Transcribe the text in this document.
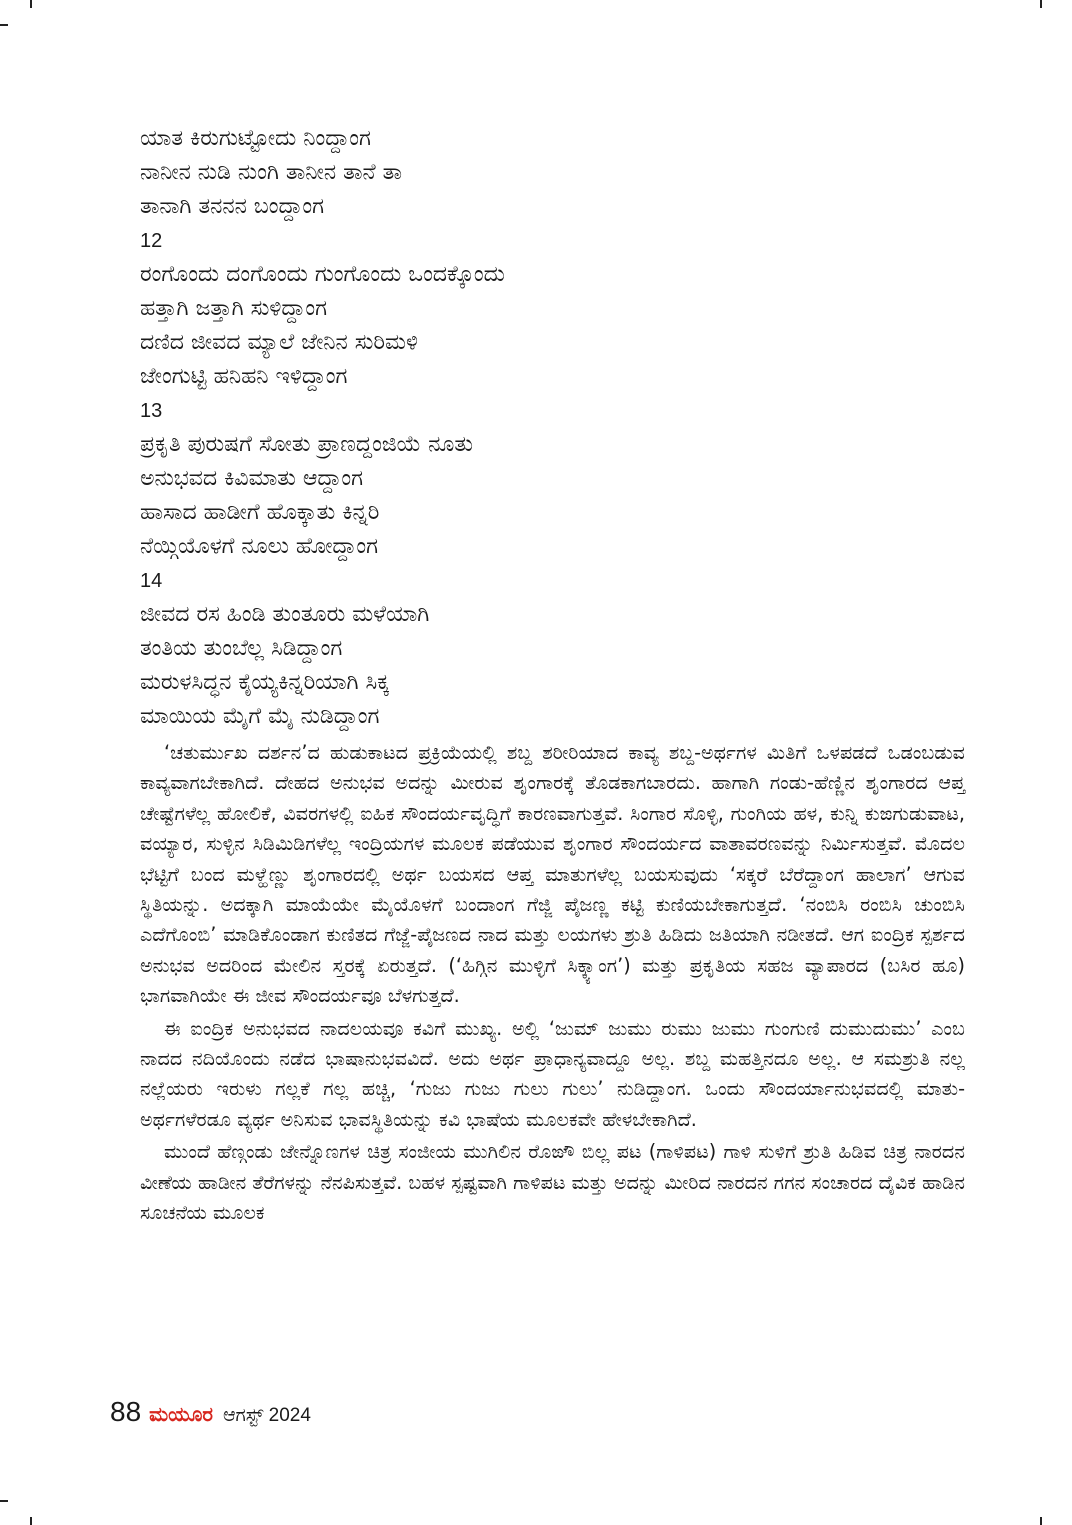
ಯಾತ ಕಿರುಗುಟ್ಟೋದು ನಿಂದ್ದಾಂಗ
ನಾನೀನ ನುಡಿ ನುಂಗಿ ತಾನೀನ ತಾನೆ ತಾ
ತಾನಾಗಿ ತನನನ ಬಂದ್ದಾಂಗ
12
ರಂಗೊಂದು ದಂಗೊಂದು ಗುಂಗೊಂದು ಒಂದಕ್ಕೊಂದು
ಹತ್ತಾಗಿ ಜತ್ತಾಗಿ ಸುಳಿದ್ದಾಂಗ
ದಣಿದ ಜೀವದ ಮ್ಯಾಲೆ ಜೇನಿನ ಸುರಿಮಳಿ
ಜೇಂಗುಟ್ಟಿ ಹನಿಹನಿ ಇಳಿದ್ದಾಂಗ
13
ಪ್ರಕೃತಿ ಪುರುಷಗೆ ಸೋತು ಪ್ರಾಣದ್ದಂಜಿಯೆ ನೂತು
ಅನುಭವದ ಕಿವಿಮಾತು ಆದ್ದಾಂಗ
ಹಾಸಾದ ಹಾಡೀಗೆ ಹೊಕ್ಕಾತು ಕಿನ್ನರಿ
ನೆಯ್ಗಿಯೊಳಗೆ ನೂಲು ಹೋದ್ದಾಂಗ
14
ಜೀವದ ರಸ ಹಿಂಡಿ ತುಂತೂರು ಮಳೆಯಾಗಿ
ತಂತಿಯ ತುಂಬೆಲ್ಲ ಸಿಡಿದ್ದಾಂಗ
ಮರುಳಸಿದ್ಧನ ಕೈಯ್ಯಕಿನ್ನರಿಯಾಗಿ ಸಿಕ್ಕ
ಮಾಯಿಯ ಮೈಗೆ ಮೈ ನುಡಿದ್ದಾಂಗ

‘ಚತುರ್ಮುಖ ದರ್ಶನ’ದ ಹುಡುಕಾಟದ ಪ್ರಕ್ರಿಯೆಯಲ್ಲಿ ಶಬ್ದ ಶರೀರಿಯಾದ ಕಾವ್ಯ ಶಬ್ದ-ಅರ್ಥಗಳ ಮಿತಿಗೆ ಒಳಪಡದೆ ಒಡಂಬಡುವ ಕಾವ್ಯವಾಗಬೇಕಾಗಿದೆ. ದೇಹದ ಅನುಭವ ಅದನ್ನು ಮೀರುವ ಶೃಂಗಾರಕ್ಕೆ ತೊಡಕಾಗಬಾರದು. ಹಾಗಾಗಿ ಗಂಡು-ಹೆಣ್ಣಿನ ಶೃಂಗಾರದ ಆಪ್ತ ಚೇಷ್ಟೆಗಳೆಲ್ಲ ಹೋಲಿಕೆ, ವಿವರಗಳಲ್ಲಿ ಐಹಿಕ ಸೌಂದರ್ಯವೃದ್ಧಿಗೆ ಕಾರಣವಾಗುತ್ತವೆ. ಸಿಂಗಾರ ಸೊಳ್ಳಿ, ಗುಂಗಿಯ ಹಳ, ಕುನ್ನಿ ಕುಙಗುಡುವಾಟ, ವಯ್ಯಾರ, ಸುಳ್ಳಿನ ಸಿಡಿಮಿಡಿಗಳೆಲ್ಲ ಇಂದ್ರಿಯಗಳ ಮೂಲಕ ಪಡೆಯುವ ಶೃಂಗಾರ ಸೌಂದರ್ಯದ ವಾತಾವರಣವನ್ನು ನಿರ್ಮಿಸುತ್ತವೆ. ಮೊದಲ ಭೆಟ್ಟಿಗೆ ಬಂದ ಮಳ್ಹೆಣ್ಣು ಶೃಂಗಾರದಲ್ಲಿ ಅರ್ಥ ಬಯಸದ ಆಪ್ತ ಮಾತುಗಳೆಲ್ಲ ಬಯಸುವುದು ‘ಸಕ್ಕರೆ ಬೆರೆದ್ದಾಂಗ ಹಾಲಾಗ’ ಆಗುವ ಸ್ಥಿತಿಯನ್ನು. ಅದಕ್ಕಾಗಿ ಮಾಯೆಯೇ ಮೈಯೊಳಗೆ ಬಂದಾಂಗ ಗೆಜ್ಜಿ ಪೈಜಣ್ಣ ಕಟ್ಟಿ ಕುಣಿಯಬೇಕಾಗುತ್ತದೆ. ‘ನಂಬಿಸಿ ರಂಬಿಸಿ ಚುಂಬಿಸಿ ಎದೆಗೊಂಬಿ’ ಮಾಡಿಕೊಂಡಾಗ ಕುಣಿತದ ಗೆಜ್ಜೆ-ಪೈಜಣದ ನಾದ ಮತ್ತು ಲಯಗಳು ಶ್ರುತಿ ಹಿಡಿದು ಜತಿಯಾಗಿ ನಡೀತದೆ. ಆಗ ಐಂದ್ರಿಕ ಸ್ಪರ್ಶದ ಅನುಭವ ಅದರಿಂದ ಮೇಲಿನ ಸ್ತರಕ್ಕೆ ಏರುತ್ತದೆ. (‘ಹಿಗ್ಗಿನ ಮುಳ್ಳಿಗೆ ಸಿಕ್ಕ್ಯಾಂಗ’) ಮತ್ತು ಪ್ರಕೃತಿಯ ಸಹಜ ವ್ಯಾಪಾರದ (ಬಸಿರ ಹೂ) ಭಾಗವಾಗಿಯೇ ಈ ಜೀವ ಸೌಂದರ್ಯವೂ ಬೆಳಗುತ್ತದೆ.

ಈ ಐಂದ್ರಿಕ ಅನುಭವದ ನಾದಲಯವೂ ಕವಿಗೆ ಮುಖ್ಯ. ಅಲ್ಲಿ ‘ಜುಮ್ ಜುಮು ರುಮು ಜುಮು ಗುಂಗುಣಿ ದುಮುದುಮು’ ಎಂಬ ನಾದದ ನದಿಯೊಂದು ನಡೆದ ಭಾಷಾನುಭವವಿದೆ. ಅದು ಅರ್ಥ ಪ್ರಾಧಾನ್ಯವಾದ್ದೂ ಅಲ್ಲ. ಶಬ್ದ ಮಹತ್ತಿನದೂ ಅಲ್ಲ. ಆ ಸಮಶ್ರುತಿ ನಲ್ಲ ನಲ್ಲೆಯರು ಇರುಳು ಗಲ್ಲಕೆ ಗಲ್ಲ ಹಚ್ಚಿ, ‘ಗುಜು ಗುಜು ಗುಲು ಗುಲು’ ನುಡಿದ್ದಾಂಗ. ಒಂದು ಸೌಂದರ್ಯಾನುಭವದಲ್ಲಿ ಮಾತು-ಅರ್ಥಗಳೆರಡೂ ವ್ಯರ್ಥ ಅನಿಸುವ ಭಾವಸ್ಥಿತಿಯನ್ನು ಕವಿ ಭಾಷೆಯ ಮೂಲಕವೇ ಹೇಳಬೇಕಾಗಿದೆ.

ಮುಂದೆ ಹೆಣ್ಗಂಡು ಜೇನ್ನೊಣಗಳ ಚಿತ್ರ ಸಂಜೀಯ ಮುಗಿಲಿನ ರೊಙೌ ಬಿಲ್ಲ ಪಟ (ಗಾಳಿಪಟ) ಗಾಳಿ ಸುಳಿಗೆ ಶ್ರುತಿ ಹಿಡಿವ ಚಿತ್ರ ನಾರದನ ವೀಣೆಯ ಹಾಡೀನ ತೆರೆಗಳನ್ನು ನೆನಪಿಸುತ್ತವೆ. ಬಹಳ ಸ್ಪಷ್ಟವಾಗಿ ಗಾಳಿಪಟ ಮತ್ತು ಅದನ್ನು ಮೀರಿದ ನಾರದನ ಗಗನ ಸಂಚಾರದ ದೈವಿಕ ಹಾಡಿನ ಸೂಚನೆಯ ಮೂಲಕ

88 ಮಯೂರ ಆಗಸ್ಟ್ 2024
